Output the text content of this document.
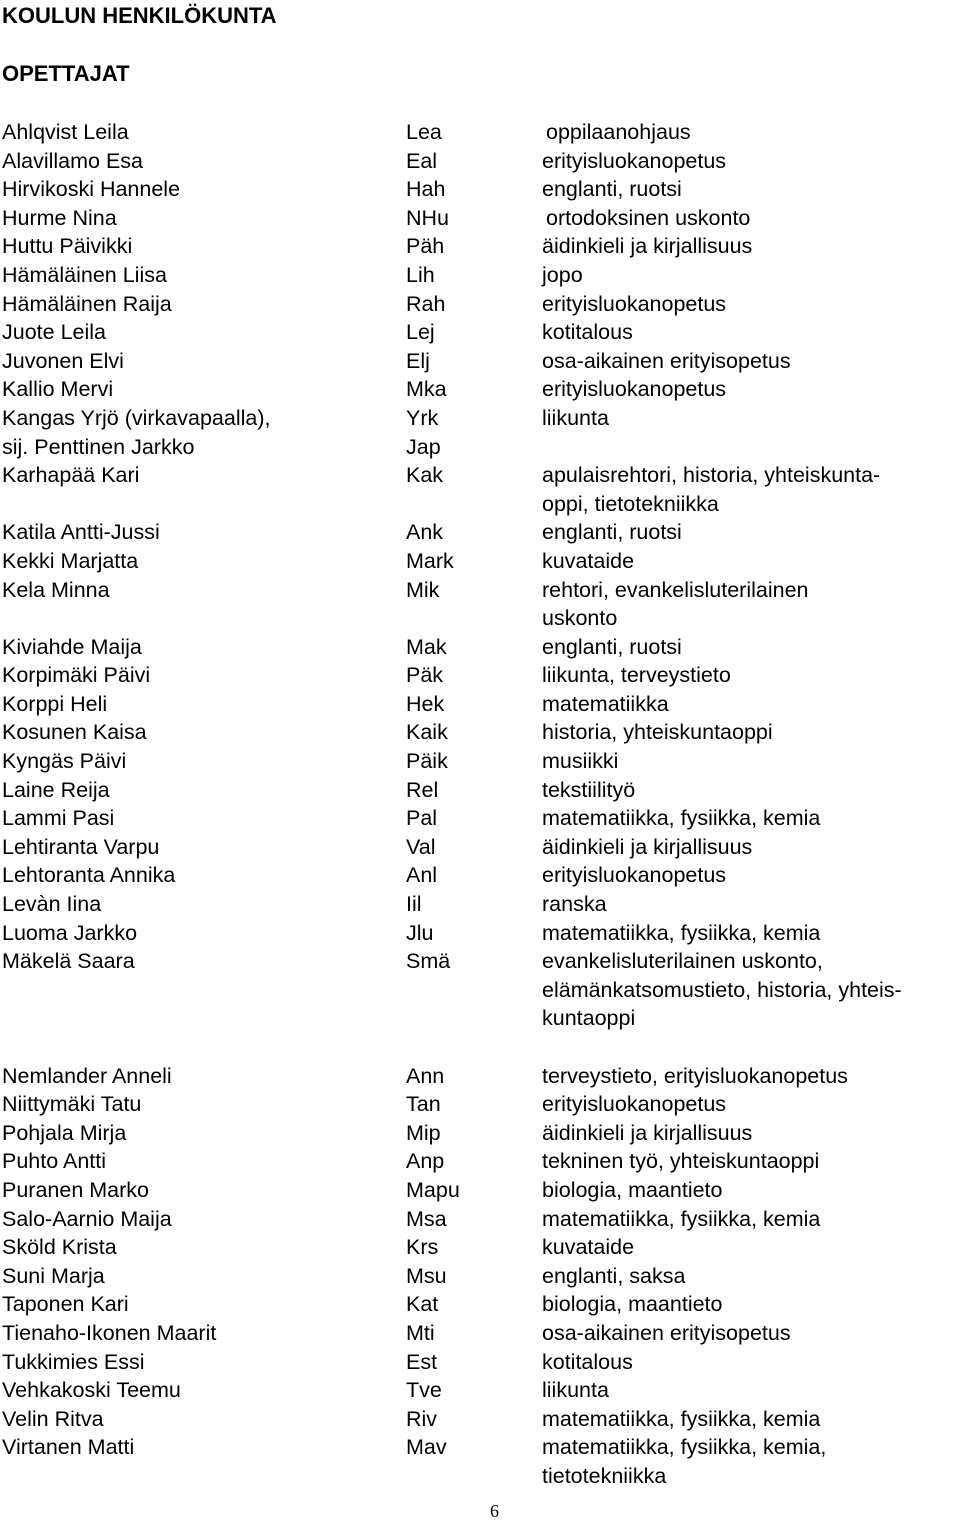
KOULUN HENKILÖKUNTA
OPETTAJAT
Ahlqvist Leila	Lea	oppilaanohjaus
Alavillamo Esa	Eal	erityisluokanopetus
Hirvikoski Hannele	Hah	englanti, ruotsi
Hurme Nina	NHu	ortodoksinen uskonto
Huttu Päivikki	Päh	äidinkieli ja kirjallisuus
Hämäläinen Liisa	Lih	jopo
Hämäläinen Raija	Rah	erityisluokanopetus
Juote Leila	Lej	kotitalous
Juvonen Elvi	Elj	osa-aikainen erityisopetus
Kallio Mervi	Mka	erityisluokanopetus
Kangas Yrjö (virkavapaalla),	Yrk	liikunta
sij. Penttinen Jarkko	Jap
Karhapää Kari	Kak	apulaisrehtori, historia, yhteiskunta-
oppi, tietotekniikka
Katila Antti-Jussi	Ank	englanti, ruotsi
Kekki Marjatta	Mark	kuvataide
Kela Minna	Mik	rehtori, evankelisluterilainen
uskonto
Kiviahde Maija	Mak	englanti, ruotsi
Korpimäki Päivi	Päk	liikunta, terveystieto
Korppi Heli	Hek	matematiikka
Kosunen Kaisa	Kaik	historia, yhteiskuntaoppi
Kyngäs Päivi	Päik	musiikki
Laine Reija	Rel	tekstiilityö
Lammi Pasi	Pal	matematiikka, fysiikka, kemia
Lehtiranta Varpu	Val	äidinkieli ja kirjallisuus
Lehtoranta Annika	Anl	erityisluokanopetus
Levàn Iina	Iil	ranska
Luoma Jarkko	Jlu	matematiikka, fysiikka, kemia
Mäkelä Saara	Smä	evankelisluterilainen uskonto,
elämänkatsomustieto, historia, yhteis-
kuntaoppi
Nemlander Anneli	Ann	terveystieto, erityisluokanopetus
Niittymäki Tatu	Tan	erityisluokanopetus
Pohjala Mirja	Mip	äidinkieli ja kirjallisuus
Puhto Antti	Anp	tekninen työ, yhteiskuntaoppi
Puranen Marko	Mapu	biologia, maantieto
Salo-Aarnio Maija	Msa	matematiikka, fysiikka, kemia
Sköld Krista	Krs	kuvataide
Suni Marja	Msu	englanti, saksa
Taponen Kari	Kat	biologia, maantieto
Tienaho-Ikonen Maarit	Mti	osa-aikainen erityisopetus
Tukkimies Essi	Est	kotitalous
Vehkakoski Teemu	Tve	liikunta
Velin Ritva	Riv	matematiikka, fysiikka, kemia
Virtanen Matti	Mav	matematiikka, fysiikka, kemia,
tietotekniikka
6
